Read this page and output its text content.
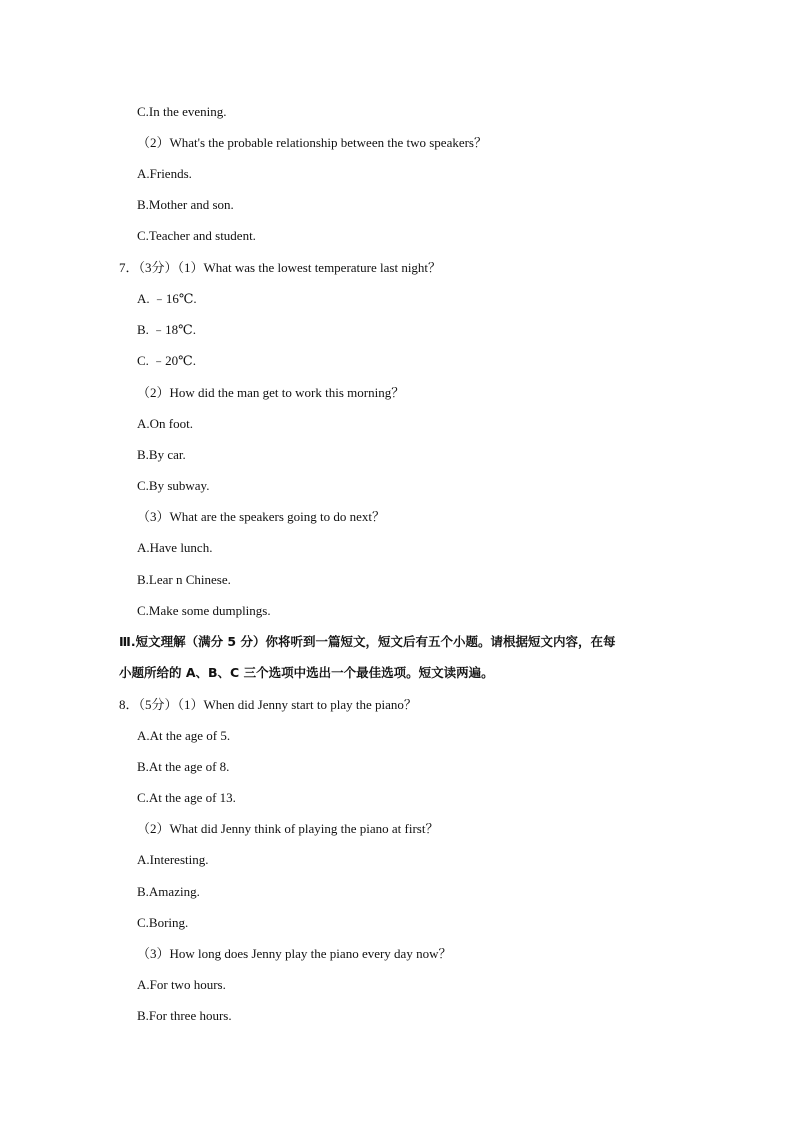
C.In the evening.
（2）What's the probable relationship between the two speakers？
A.Friends.
B.Mother and son.
C.Teacher and student.
7．（3分）（1）What was the lowest temperature last night？
A. ﹣16℃.
B. ﹣18℃.
C. ﹣20℃.
（2）How did the man get to work this morning？
A.On foot.
B.By car.
C.By subway.
（3）What are the speakers going to do next？
A.Have lunch.
B.Lear n Chinese.
C.Make some dumplings.
Ⅲ.短文理解（满分 5 分）你将听到一篇短文，短文后有五个小题。请根据短文内容，在每
小题所给的 A、B、C 三个选项中选出一个最佳选项。短文读两遍。
8．（5分）（1）When did Jenny start to play the piano？
A.At the age of 5.
B.At the age of 8.
C.At the age of 13.
（2）What did Jenny think of playing the piano at first？
A.Interesting.
B.Amazing.
C.Boring.
（3）How long does Jenny play the piano every day now？
A.For two hours.
B.For three hours.
